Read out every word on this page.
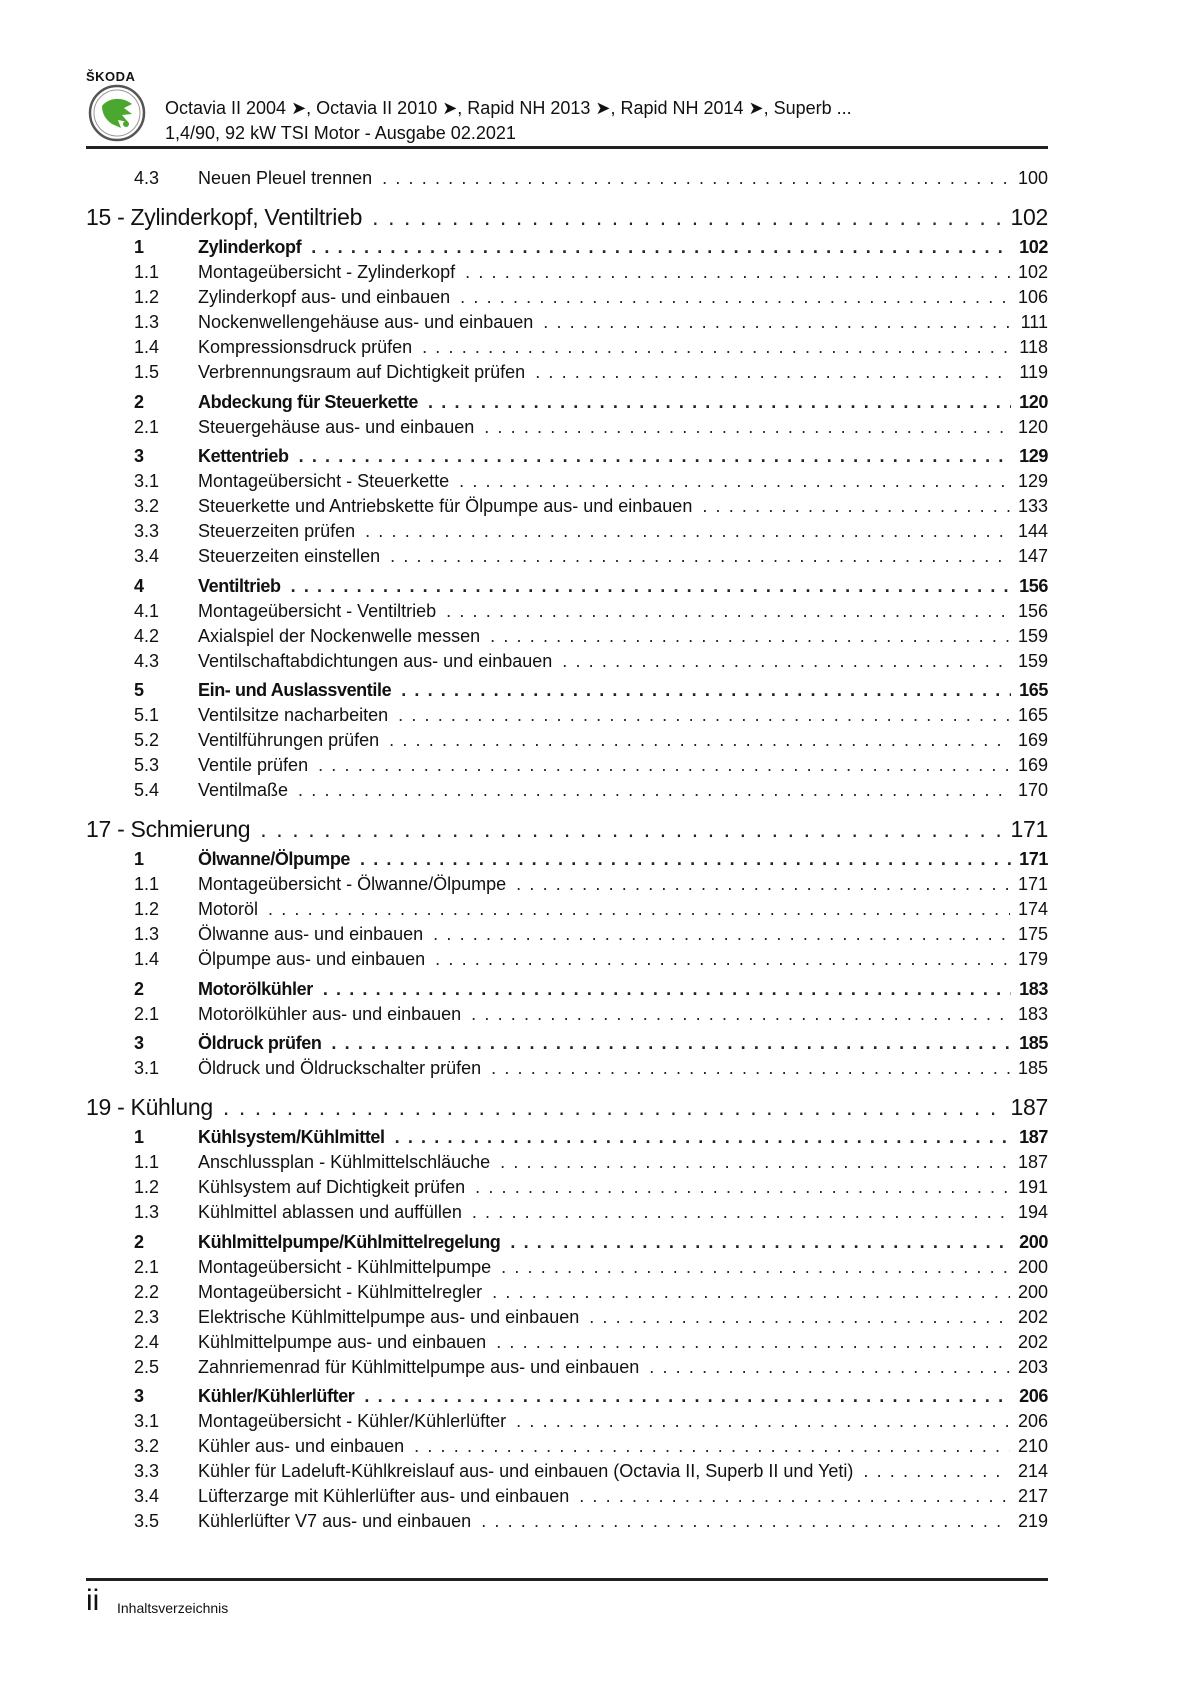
ŠKODA
Octavia II 2004 ➤, Octavia II 2010 ➤, Rapid NH 2013 ➤, Rapid NH 2014 ➤, Superb ...
1,4/90, 92 kW TSI Motor - Ausgabe 02.2021
4.3	Neuen Pleuel trennen . . .	100
15 - Zylinderkopf, Ventiltrieb . . .	102
1	Zylinderkopf . . .	102
1.1	Montageübersicht - Zylinderkopf . . .	102
1.2	Zylinderkopf aus- und einbauen . . .	106
1.3	Nockenwellengehäuse aus- und einbauen . . .	111
1.4	Kompressionsdruck prüfen . . .	118
1.5	Verbrennungsraum auf Dichtigkeit prüfen . . .	119
2	Abdeckung für Steuerkette . . .	120
2.1	Steuergehäuse aus- und einbauen . . .	120
3	Kettentrieb . . .	129
3.1	Montageübersicht - Steuerkette . . .	129
3.2	Steuerkette und Antriebskette für Ölpumpe aus- und einbauen . . .	133
3.3	Steuerzeiten prüfen . . .	144
3.4	Steuerzeiten einstellen . . .	147
4	Ventiltrieb . . .	156
4.1	Montageübersicht - Ventiltrieb . . .	156
4.2	Axialspiel der Nockenwelle messen . . .	159
4.3	Ventilschaftabdichtungen aus- und einbauen . . .	159
5	Ein- und Auslassventile . . .	165
5.1	Ventilsitze nacharbeiten . . .	165
5.2	Ventilführungen prüfen . . .	169
5.3	Ventile prüfen . . .	169
5.4	Ventilmaße . . .	170
17 - Schmierung . . .	171
1	Ölwanne/Ölpumpe . . .	171
1.1	Montageübersicht - Ölwanne/Ölpumpe . . .	171
1.2	Motoröl . . .	174
1.3	Ölwanne aus- und einbauen . . .	175
1.4	Ölpumpe aus- und einbauen . . .	179
2	Motorölkühler . . .	183
2.1	Motorölkühler aus- und einbauen . . .	183
3	Öldruck prüfen . . .	185
3.1	Öldruck und Öldruckschalter prüfen . . .	185
19 - Kühlung . . .	187
1	Kühlsystem/Kühlmittel . . .	187
1.1	Anschlussplan - Kühlmittelschläuche . . .	187
1.2	Kühlsystem auf Dichtigkeit prüfen . . .	191
1.3	Kühlmittel ablassen und auffüllen . . .	194
2	Kühlmittelpumpe/Kühlmittelregelung . . .	200
2.1	Montageübersicht - Kühlmittelpumpe . . .	200
2.2	Montageübersicht - Kühlmittelregler . . .	200
2.3	Elektrische Kühlmittelpumpe aus- und einbauen . . .	202
2.4	Kühlmittelpumpe aus- und einbauen . . .	202
2.5	Zahnriemenrad für Kühlmittelpumpe aus- und einbauen . . .	203
3	Kühler/Kühlerlüfter . . .	206
3.1	Montageübersicht - Kühler/Kühlerlüfter . . .	206
3.2	Kühler aus- und einbauen . . .	210
3.3	Kühler für Ladeluft-Kühlkreislauf aus- und einbauen (Octavia II, Superb II und Yeti) . . .	214
3.4	Lüfterzarge mit Kühlerlüfter aus- und einbauen . . .	217
3.5	Kühlerlüfter V7 aus- und einbauen . . .	219
ii Inhaltsverzeichnis
